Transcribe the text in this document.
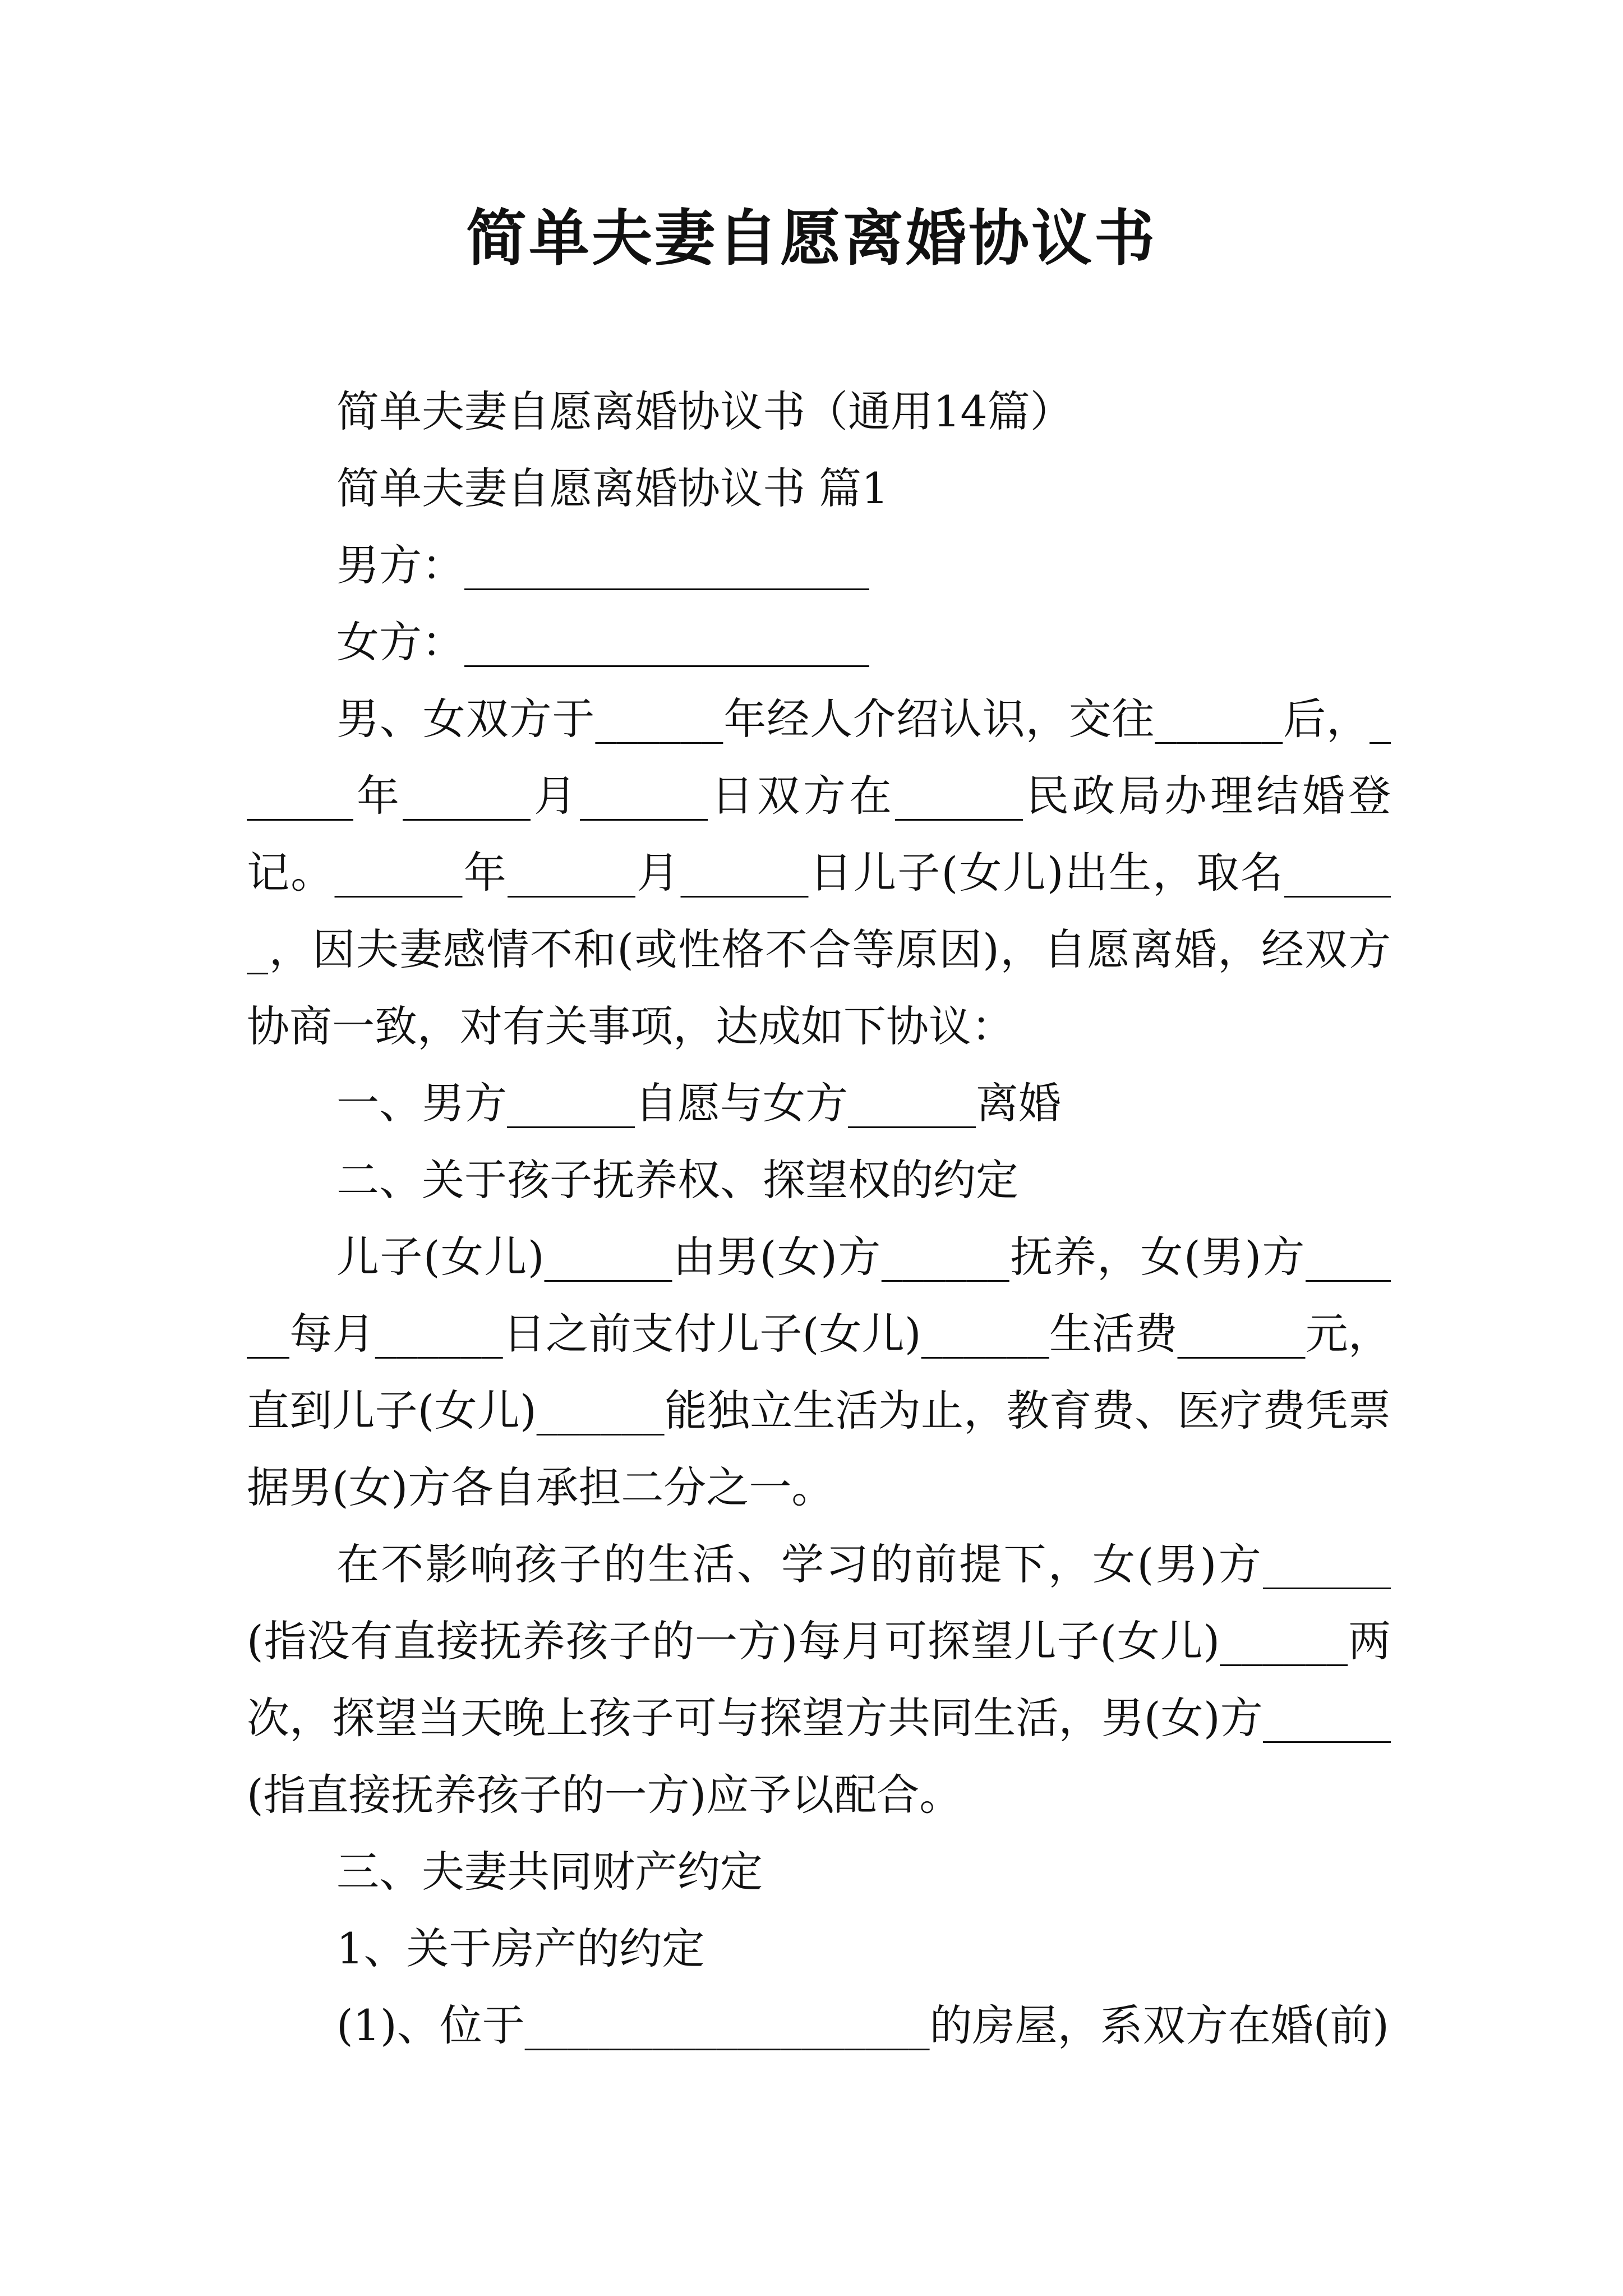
简单夫妻自愿离婚协议书

简单夫妻自愿离婚协议书（通用14篇）

简单夫妻自愿离婚协议书 篇1

男方：___________________

女方：___________________

男、女双方于______年经人介绍认识，交往______后，______年______月______日双方在______民政局办理结婚登记。______年______月______日儿子(女儿)出生，取名______，因夫妻感情不和(或性格不合等原因)，自愿离婚，经双方协商一致，对有关事项，达成如下协议：

一、男方______自愿与女方______离婚

二、关于孩子抚养权、探望权的约定

儿子(女儿)______由男(女)方______抚养，女(男)方______每月______日之前支付儿子(女儿)______生活费______元，直到儿子(女儿)______能独立生活为止，教育费、医疗费凭票据男(女)方各自承担二分之一。

在不影响孩子的生活、学习的前提下，女(男)方______(指没有直接抚养孩子的一方)每月可探望儿子(女儿)______两次，探望当天晚上孩子可与探望方共同生活，男(女)方______(指直接抚养孩子的一方)应予以配合。

三、夫妻共同财产约定

1、关于房产的约定

(1)、位于___________________的房屋，系双方在婚(前)
